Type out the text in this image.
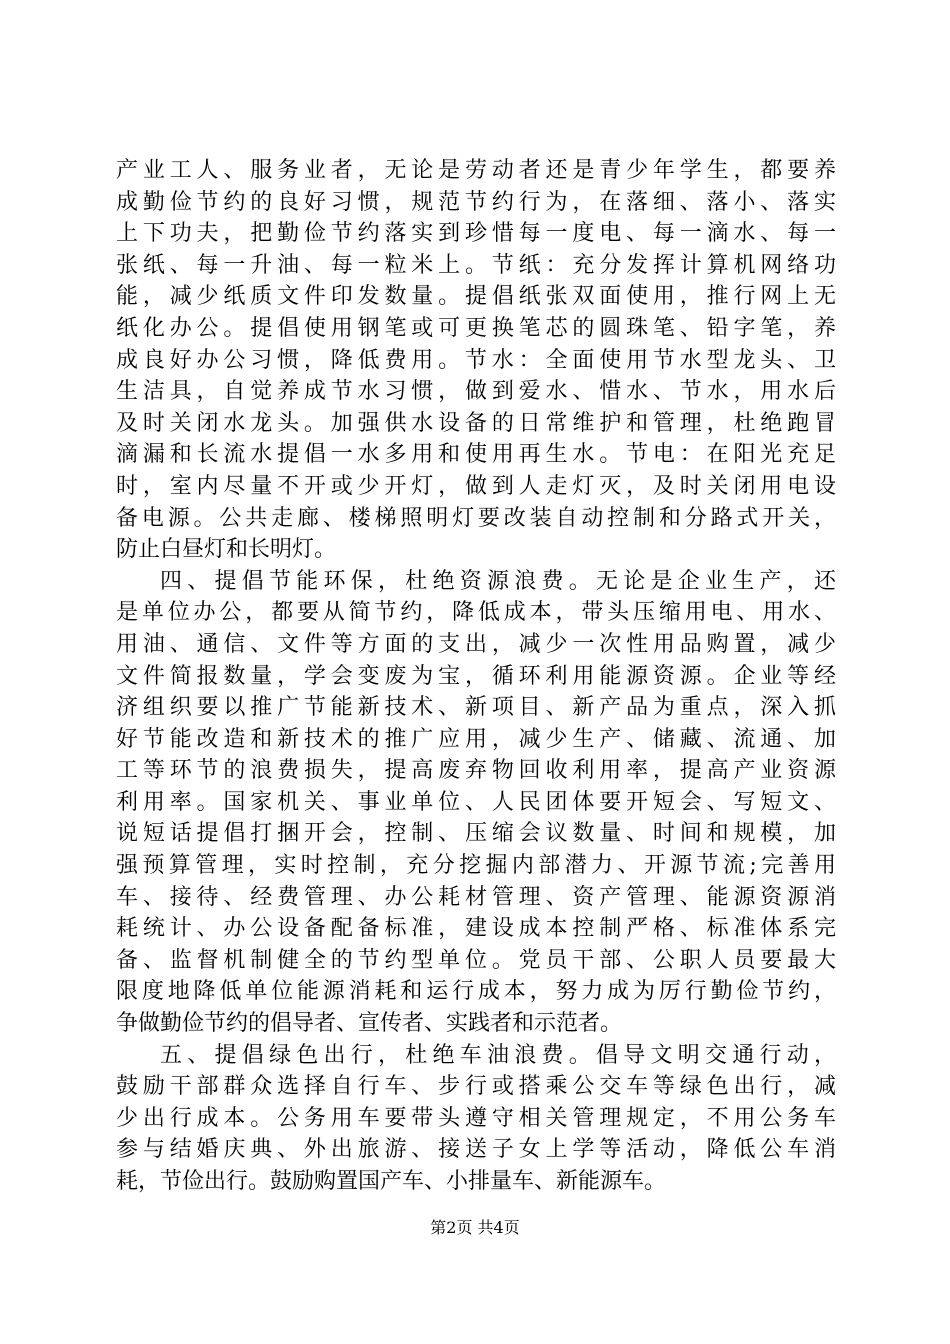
产业工人、服务业者，无论是劳动者还是青少年学生，都要养
成勤俭节约的良好习惯，规范节约行为，在落细、落小、落实
上下功夫，把勤俭节约落实到珍惜每一度电、每一滴水、每一
张纸、每一升油、每一粒米上。节纸：充分发挥计算机网络功
能，减少纸质文件印发数量。提倡纸张双面使用，推行网上无
纸化办公。提倡使用钢笔或可更换笔芯的圆珠笔、铅字笔，养
成良好办公习惯，降低费用。节水：全面使用节水型龙头、卫
生洁具，自觉养成节水习惯，做到爱水、惜水、节水，用水后
及时关闭水龙头。加强供水设备的日常维护和管理，杜绝跑冒
滴漏和长流水提倡一水多用和使用再生水。节电：在阳光充足
时，室内尽量不开或少开灯，做到人走灯灭，及时关闭用电设
备电源。公共走廊、楼梯照明灯要改装自动控制和分路式开关，
防止白昼灯和长明灯。
四、提倡节能环保，杜绝资源浪费。无论是企业生产，还
是单位办公，都要从简节约，降低成本，带头压缩用电、用水、
用油、通信、文件等方面的支出，减少一次性用品购置，减少
文件简报数量，学会变废为宝，循环利用能源资源。企业等经
济组织要以推广节能新技术、新项目、新产品为重点，深入抓
好节能改造和新技术的推广应用，减少生产、储藏、流通、加
工等环节的浪费损失，提高废弃物回收利用率，提高产业资源
利用率。国家机关、事业单位、人民团体要开短会、写短文、
说短话提倡打捆开会，控制、压缩会议数量、时间和规模，加
强预算管理，实时控制，充分挖掘内部潜力、开源节流;完善用
车、接待、经费管理、办公耗材管理、资产管理、能源资源消
耗统计、办公设备配备标准，建设成本控制严格、标准体系完
备、监督机制健全的节约型单位。党员干部、公职人员要最大
限度地降低单位能源消耗和运行成本，努力成为厉行勤俭节约，
争做勤俭节约的倡导者、宣传者、实践者和示范者。
五、提倡绿色出行，杜绝车油浪费。倡导文明交通行动，
鼓励干部群众选择自行车、步行或搭乘公交车等绿色出行，减
少出行成本。公务用车要带头遵守相关管理规定，不用公务车
参与结婚庆典、外出旅游、接送子女上学等活动，降低公车消
耗，节俭出行。鼓励购置国产车、小排量车、新能源车。
第2页 共4页
